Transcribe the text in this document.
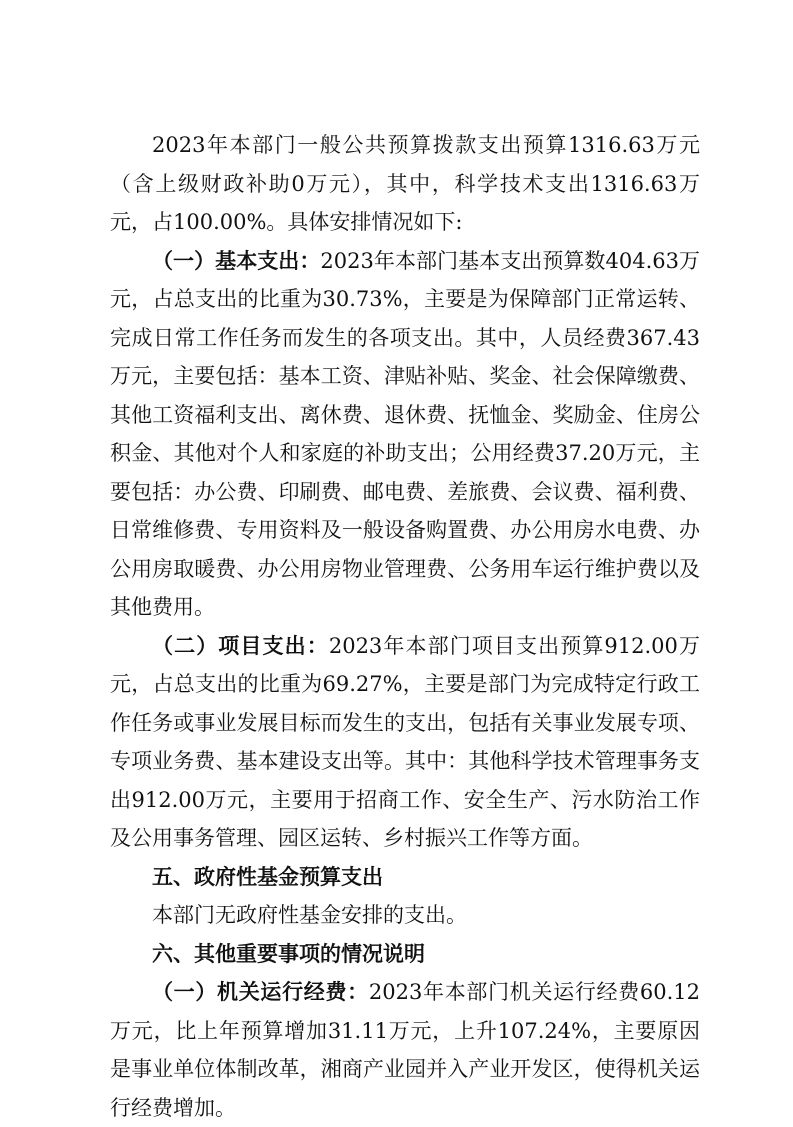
2023年本部门一般公共预算拨款支出预算1316.63万元（含上级财政补助0万元），其中，科学技术支出1316.63万元，占100.00%。具体安排情况如下:

（一）基本支出：2023年本部门基本支出预算数404.63万元，占总支出的比重为30.73%，主要是为保障部门正常运转、完成日常工作任务而发生的各项支出。其中，人员经费367.43万元，主要包括：基本工资、津贴补贴、奖金、社会保障缴费、其他工资福利支出、离休费、退休费、抚恤金、奖励金、住房公积金、其他对个人和家庭的补助支出；公用经费37.20万元，主要包括：办公费、印刷费、邮电费、差旅费、会议费、福利费、日常维修费、专用资料及一般设备购置费、办公用房水电费、办公用房取暖费、办公用房物业管理费、公务用车运行维护费以及其他费用。

（二）项目支出：2023年本部门项目支出预算912.00万元，占总支出的比重为69.27%，主要是部门为完成特定行政工作任务或事业发展目标而发生的支出，包括有关事业发展专项、专项业务费、基本建设支出等。其中：其他科学技术管理事务支出912.00万元，主要用于招商工作、安全生产、污水防治工作及公用事务管理、园区运转、乡村振兴工作等方面。

五、政府性基金预算支出

本部门无政府性基金安排的支出。

六、其他重要事项的情况说明

（一）机关运行经费：2023年本部门机关运行经费60.12万元，比上年预算增加31.11万元，上升107.24%，主要原因是事业单位体制改革，湘商产业园并入产业开发区，使得机关运行经费增加。
